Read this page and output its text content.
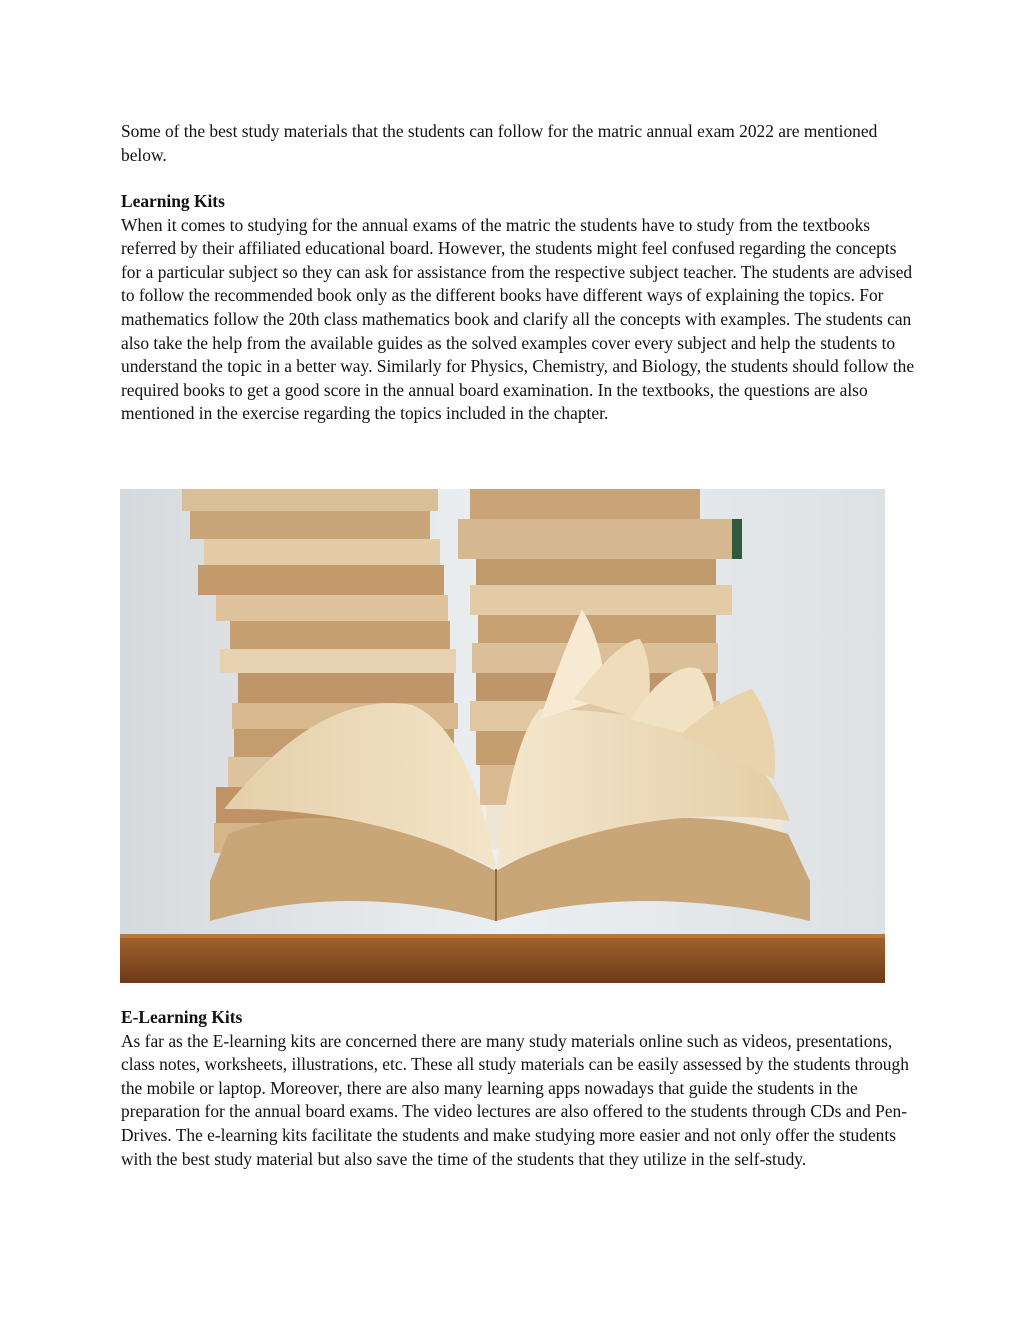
Some of the best study materials that the students can follow for the matric annual exam 2022 are mentioned below.

Learning Kits
When it comes to studying for the annual exams of the matric the students have to study from the textbooks referred by their affiliated educational board. However, the students might feel confused regarding the concepts for a particular subject so they can ask for assistance from the respective subject teacher. The students are advised to follow the recommended book only as the different books have different ways of explaining the topics. For mathematics follow the 20th class mathematics book and clarify all the concepts with examples. The students can also take the help from the available guides as the solved examples cover every subject and help the students to understand the topic in a better way. Similarly for Physics, Chemistry, and Biology, the students should follow the required books to get a good score in the annual board examination. In the textbooks, the questions are also mentioned in the exercise regarding the topics included in the chapter.
E-Learning Kits
As far as the E-learning kits are concerned there are many study materials online such as videos, presentations, class notes, worksheets, illustrations, etc. These all study materials can be easily assessed by the students through the mobile or laptop. Moreover, there are also many learning apps nowadays that guide the students in the preparation for the annual board exams. The video lectures are also offered to the students through CDs and Pen-Drives. The e-learning kits facilitate the students and make studying more easier and not only offer the students with the best study material but also save the time of the students that they utilize in the self-study.
